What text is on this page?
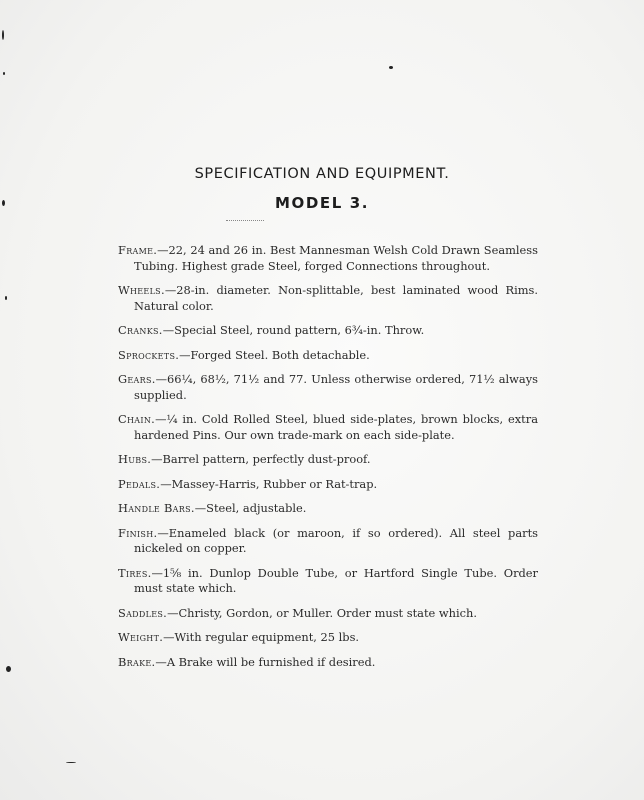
SPECIFICATION AND EQUIPMENT.
MODEL 3.
Frame.—22, 24 and 26 in. Best Mannesman Welsh Cold Drawn Seamless Tubing. Highest grade Steel, forged Connections throughout.
Wheels.—28-in. diameter. Non-splittable, best laminated wood Rims. Natural color.
Cranks.—Special Steel, round pattern, 6¾-in. Throw.
Sprockets.—Forged Steel. Both detachable.
Gears.—66¼, 68½, 71½ and 77. Unless otherwise ordered, 71½ always supplied.
Chain.—¼ in. Cold Rolled Steel, blued side-plates, brown blocks, extra hardened Pins. Our own trade-mark on each side-plate.
Hubs.—Barrel pattern, perfectly dust-proof.
Pedals.—Massey-Harris, Rubber or Rat-trap.
Handle Bars.—Steel, adjustable.
Finish.—Enameled black (or maroon, if so ordered). All steel parts nickeled on copper.
Tires.—1⅝ in. Dunlop Double Tube, or Hartford Single Tube. Order must state which.
Saddles.—Christy, Gordon, or Muller. Order must state which.
Weight.—With regular equipment, 25 lbs.
Brake.—A Brake will be furnished if desired.
